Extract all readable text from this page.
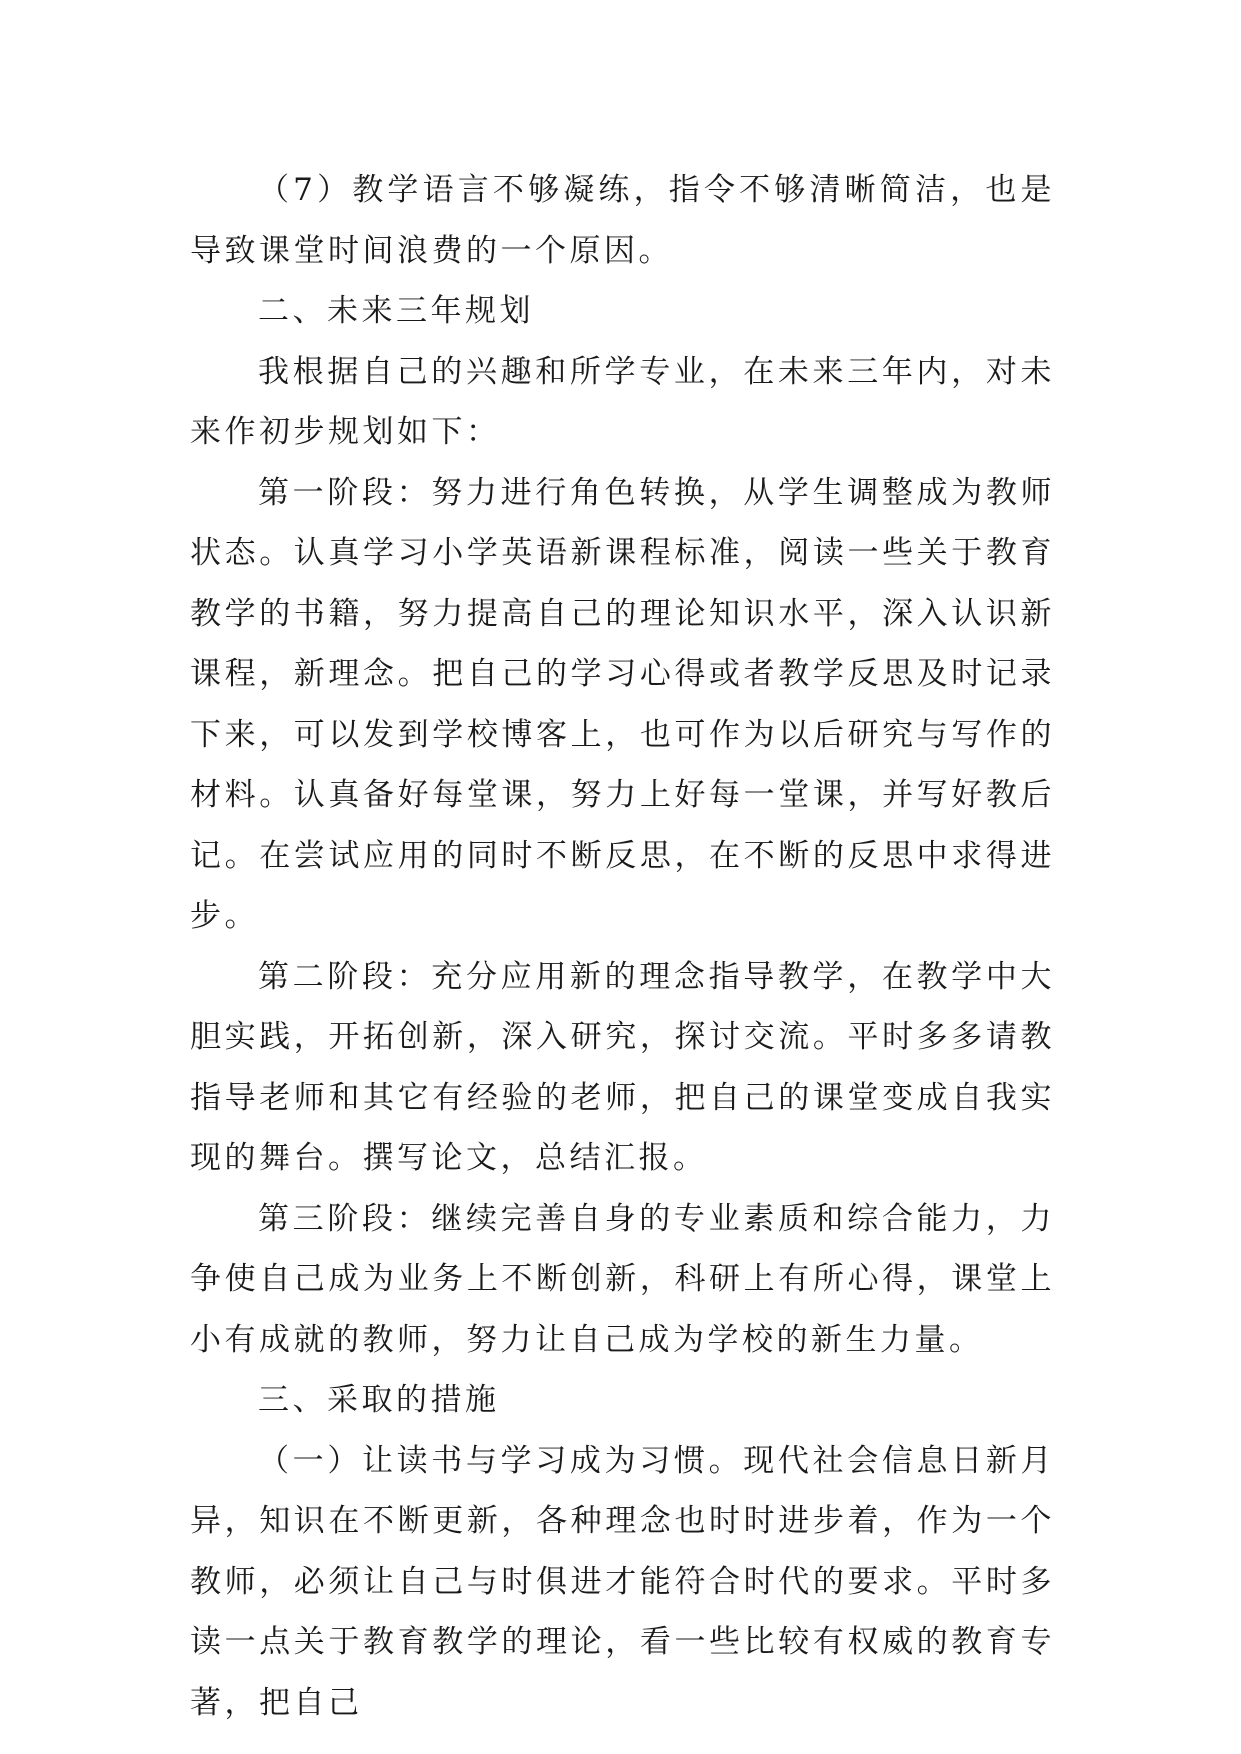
（7）教学语言不够凝练，指令不够清晰简洁，也是导致课堂时间浪费的一个原因。

二、未来三年规划

我根据自己的兴趣和所学专业，在未来三年内，对未来作初步规划如下：

第一阶段：努力进行角色转换，从学生调整成为教师状态。认真学习小学英语新课程标准，阅读一些关于教育教学的书籍，努力提高自己的理论知识水平，深入认识新课程，新理念。把自己的学习心得或者教学反思及时记录下来，可以发到学校博客上，也可作为以后研究与写作的材料。认真备好每堂课，努力上好每一堂课，并写好教后记。在尝试应用的同时不断反思，在不断的反思中求得进步。

第二阶段：充分应用新的理念指导教学，在教学中大胆实践，开拓创新，深入研究，探讨交流。平时多多请教指导老师和其它有经验的老师，把自己的课堂变成自我实现的舞台。撰写论文，总结汇报。

第三阶段：继续完善自身的专业素质和综合能力，力争使自己成为业务上不断创新，科研上有所心得，课堂上小有成就的教师，努力让自己成为学校的新生力量。

三、采取的措施

（一）让读书与学习成为习惯。现代社会信息日新月异，知识在不断更新，各种理念也时时进步着，作为一个教师，必须让自己与时俱进才能符合时代的要求。平时多读一点关于教育教学的理论，看一些比较有权威的教育专著，把自己
